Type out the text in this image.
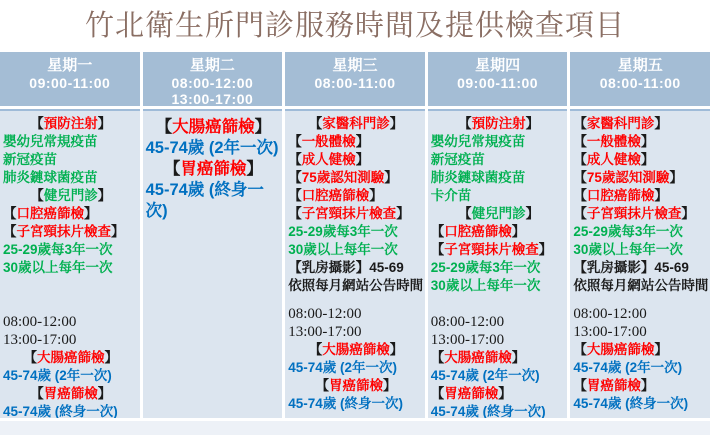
竹北衛生所門診服務時間及提供檢查項目
星期一
09:00-11:00
【預防注射】
嬰幼兒常規疫苗
新冠疫苗
肺炎鏈球菌疫苗
【健兒門診】
【口腔癌篩檢】
【子宮頸抹片檢查】
25-29歲每3年一次
30歲以上每年一次
08:00-12:00
13:00-17:00
【大腸癌篩檢】
45-74歲 (2年一次)
【胃癌篩檢】
45-74歲 (終身一次)
星期二
08:00-12:00
13:00-17:00
【大腸癌篩檢】
45-74歲 (2年一次)
【胃癌篩檢】
45-74歲 (終身一次)
星期三
08:00-11:00
【家醫科門診】
【一般體檢】
【成人健檢】
【75歲認知測驗】
【口腔癌篩檢】
【子宮頸抹片檢查】
25-29歲每3年一次
30歲以上每年一次
【乳房攝影】45-69
依照每月網站公告時間
08:00-12:00
13:00-17:00
【大腸癌篩檢】
45-74歲 (2年一次)
【胃癌篩檢】
45-74歲 (終身一次)
星期四
09:00-11:00
【預防注射】
嬰幼兒常規疫苗
新冠疫苗
肺炎鏈球菌疫苗
卡介苗
【健兒門診】
【口腔癌篩檢】
【子宮頸抹片檢查】
25-29歲每3年一次
30歲以上每年一次
08:00-12:00
13:00-17:00
【大腸癌篩檢】
45-74歲 (2年一次)
【胃癌篩檢】
45-74歲 (終身一次)
星期五
08:00-11:00
【家醫科門診】
【一般體檢】
【成人健檢】
【75歲認知測驗】
【口腔癌篩檢】
【子宮頸抹片檢查】
25-29歲每3年一次
30歲以上每年一次
【乳房攝影】45-69
依照每月網站公告時間
08:00-12:00
13:00-17:00
【大腸癌篩檢】
45-74歲 (2年一次)
【胃癌篩檢】
45-74歲 (終身一次)
